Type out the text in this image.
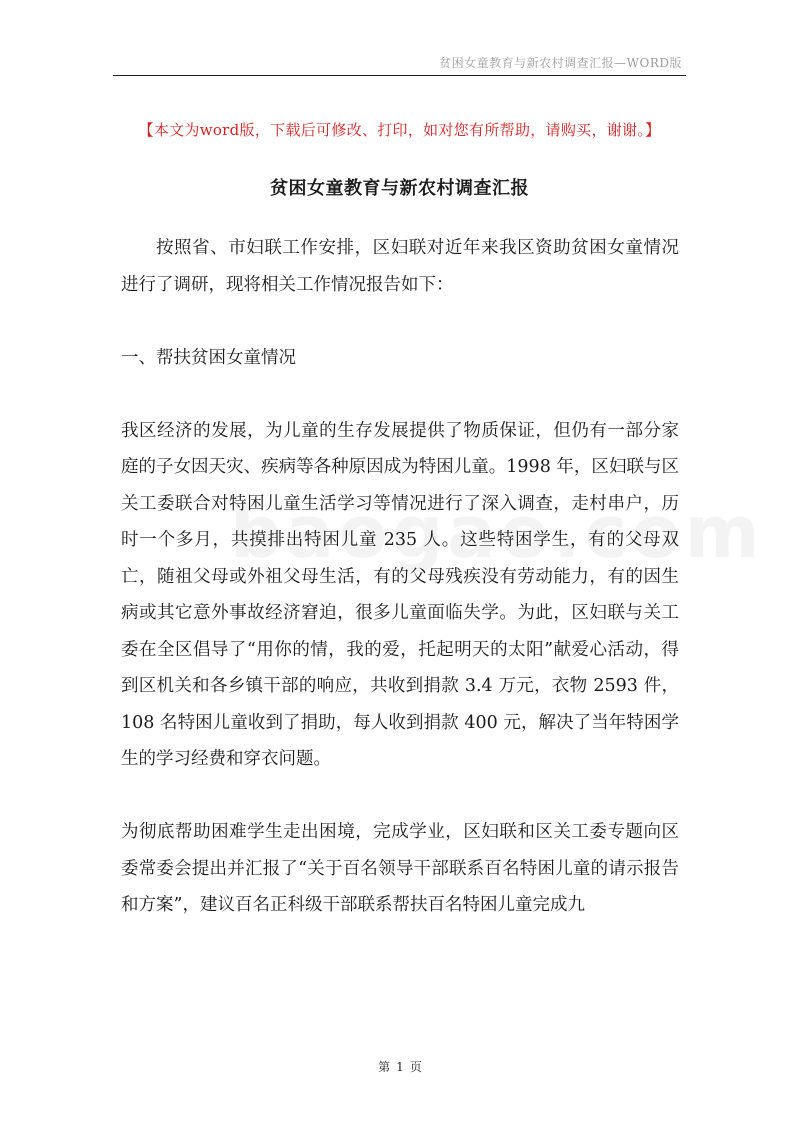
贫困女童教育与新农村调查汇报—WORD版
【本文为word版，下载后可修改、打印，如对您有所帮助，请购买，谢谢。】
贫困女童教育与新农村调查汇报

按照省、市妇联工作安排，区妇联对近年来我区资助贫困女童情况进行了调研，现将相关工作情况报告如下：

一、帮扶贫困女童情况

我区经济的发展，为儿童的生存发展提供了物质保证，但仍有一部分家庭的子女因天灾、疾病等各种原因成为特困儿童。1998 年，区妇联与区关工委联合对特困儿童生活学习等情况进行了深入调查，走村串户，历时一个多月，共摸排出特困儿童 235 人。这些特困学生，有的父母双亡，随祖父母或外祖父母生活，有的父母残疾没有劳动能力，有的因生病或其它意外事故经济窘迫，很多儿童面临失学。为此，区妇联与关工委在全区倡导了“用你的情，我的爱，托起明天的太阳”献爱心活动，得到区机关和各乡镇干部的响应，共收到捐款 3.4 万元，衣物 2593 件，108 名特困儿童收到了捐助，每人收到捐款 400 元，解决了当年特困学生的学习经费和穿衣问题。

为彻底帮助困难学生走出困境，完成学业，区妇联和区关工委专题向区委常委会提出并汇报了“关于百名领导干部联系百名特困儿童的请示报告和方案”，建议百名正科级干部联系帮扶百名特困儿童完成九

第 1 页
